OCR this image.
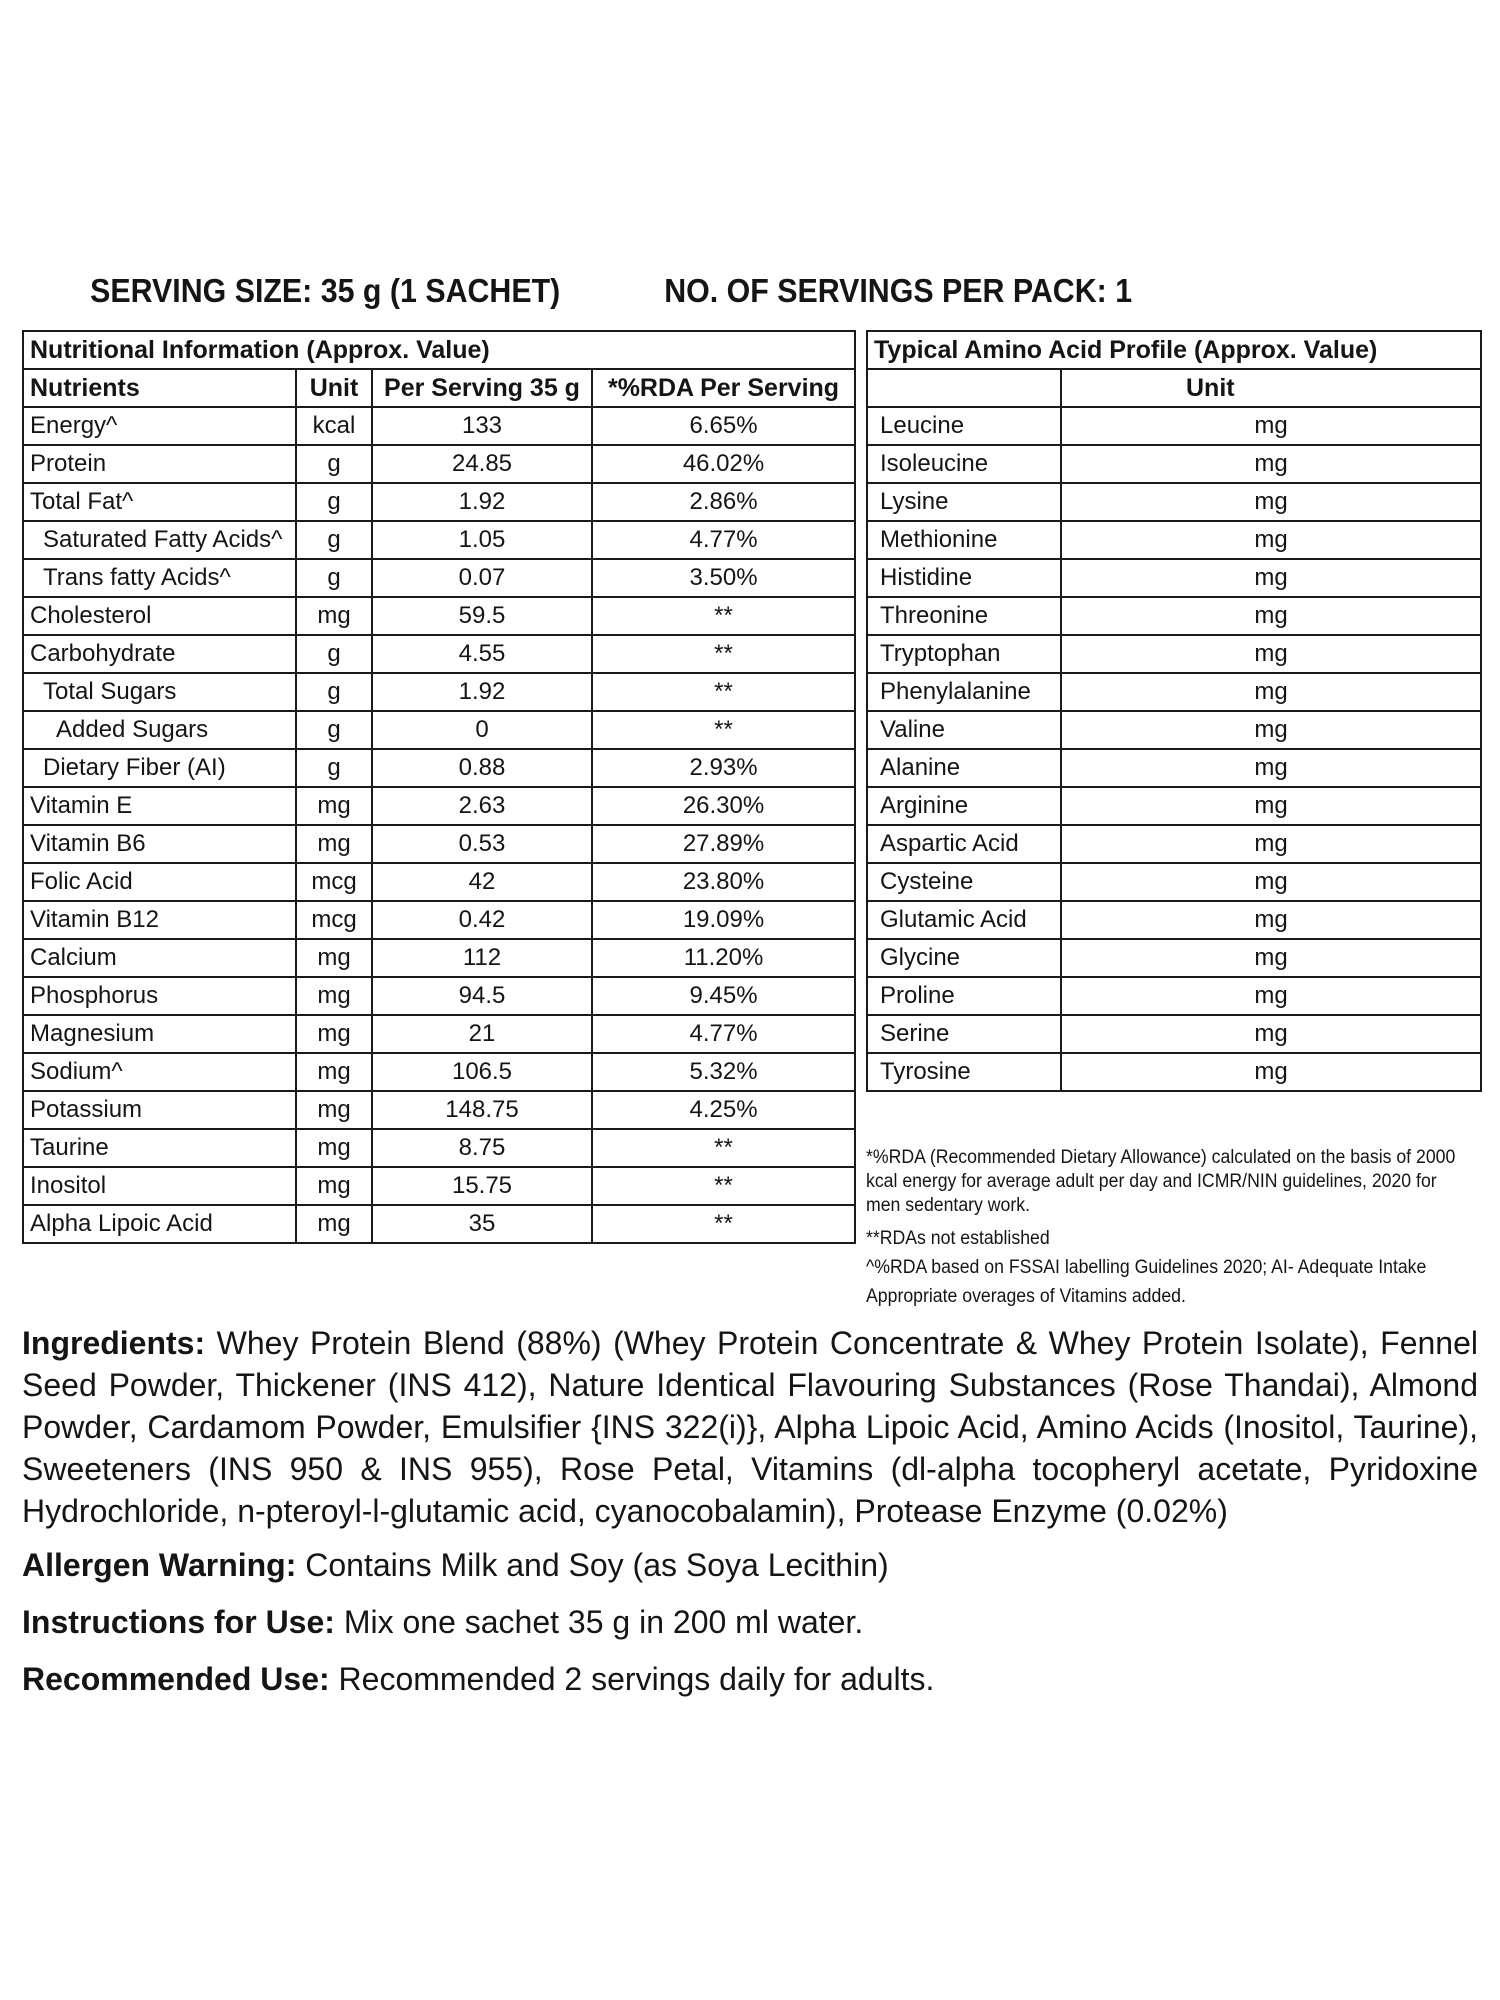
SERVING SIZE: 35 g (1 SACHET)	NO. OF SERVINGS PER PACK: 1
Nutritional Information (Approx. Value)			
Nutrients	Unit	Per Serving 35 g	*%RDA Per Serving
Energy^	kcal	133	6.65%
Protein	g	24.85	46.02%
Total Fat^	g	1.92	2.86%
Saturated Fatty Acids^	g	1.05	4.77%
Trans fatty Acids^	g	0.07	3.50%
Cholesterol	mg	59.5	**
Carbohydrate	g	4.55	**
Total Sugars	g	1.92	**
Added Sugars	g	0	**
Dietary Fiber (AI)	g	0.88	2.93%
Vitamin E	mg	2.63	26.30%
Vitamin B6	mg	0.53	27.89%
Folic Acid	mcg	42	23.80%
Vitamin B12	mcg	0.42	19.09%
Calcium	mg	112	11.20%
Phosphorus	mg	94.5	9.45%
Magnesium	mg	21	4.77%
Sodium^	mg	106.5	5.32%
Potassium	mg	148.75	4.25%
Taurine	mg	8.75	**
Inositol	mg	15.75	**
Alpha Lipoic Acid	mg	35	**
Typical Amino Acid Profile (Approx. Value)	
	Unit
Leucine	mg
Isoleucine	mg
Lysine	mg
Methionine	mg
Histidine	mg
Threonine	mg
Tryptophan	mg
Phenylalanine	mg
Valine	mg
Alanine	mg
Arginine	mg
Aspartic Acid	mg
Cysteine	mg
Glutamic Acid	mg
Glycine	mg
Proline	mg
Serine	mg
Tyrosine	mg
*%RDA (Recommended Dietary Allowance) calculated on the basis of 2000 kcal energy for average adult per day and ICMR/NIN guidelines, 2020 for men sedentary work.
**RDAs not established
^%RDA based on FSSAI labelling Guidelines 2020; AI- Adequate Intake
Appropriate overages of Vitamins added.
Ingredients: Whey Protein Blend (88%) (Whey Protein Concentrate & Whey Protein Isolate), Fennel Seed Powder, Thickener (INS 412), Nature Identical Flavouring Substances (Rose Thandai), Almond Powder, Cardamom Powder, Emulsifier {INS 322(i)}, Alpha Lipoic Acid, Amino Acids (Inositol, Taurine), Sweeteners (INS 950 & INS 955), Rose Petal, Vitamins (dl-alpha tocopheryl acetate, Pyridoxine Hydrochloride, n-pteroyl-l-glutamic acid, cyanocobalamin), Protease Enzyme (0.02%)
Allergen Warning: Contains Milk and Soy (as Soya Lecithin)
Instructions for Use: Mix one sachet 35 g in 200 ml water.
Recommended Use: Recommended 2 servings daily for adults.
